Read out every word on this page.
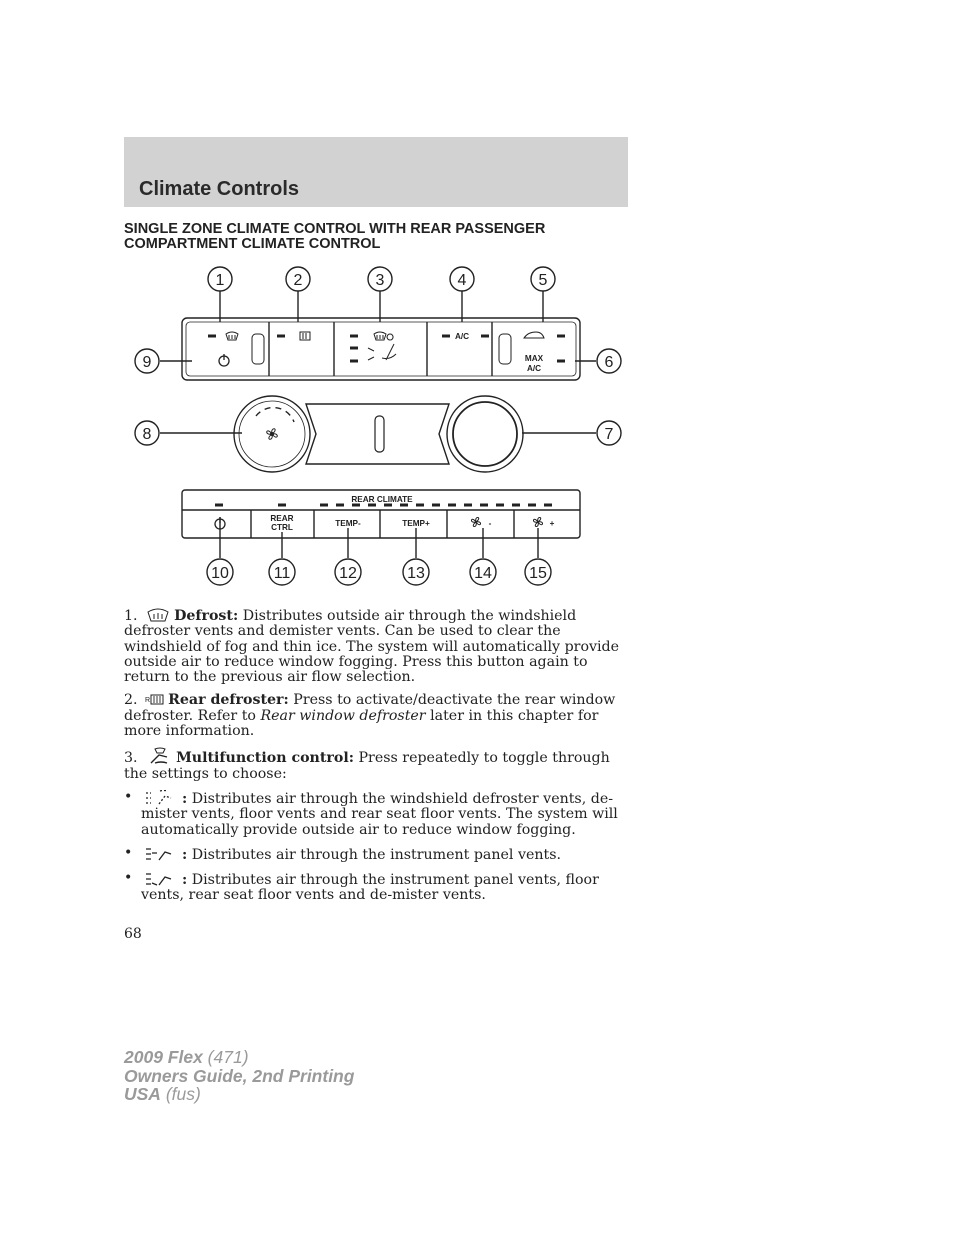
Climate Controls
SINGLE ZONE CLIMATE CONTROL WITH REAR PASSENGER
COMPARTMENT CLIMATE CONTROL
A/C
MAX
A/C
REAR CLIMATE
REAR
CTRL	TEMP-	TEMP+	-	+
1	2	3	4	5
6
7
8
9
10	11	12	13	14 15

1.	Defrost: Distributes outside air through the windshield defroster vents and demister vents. Can be used to clear the windshield of fog and thin ice. The system will automatically provide outside air to reduce window fogging. Press this button again to return to the previous air flow selection.

2. R Rear defroster: Press to activate/deactivate the rear window defroster. Refer to Rear window defroster later in this chapter for more information.

3.	Multifunction control: Press repeatedly to toggle through the settings to choose:

•	: Distributes air through the windshield defroster vents, de-mister vents, floor vents and rear seat floor vents. The system will automatically provide outside air to reduce window fogging.
•	: Distributes air through the instrument panel vents.
•	: Distributes air through the instrument panel vents, floor vents, rear seat floor vents and de-mister vents.
68
2009 Flex (471)
Owners Guide, 2nd Printing
USA (fus)
